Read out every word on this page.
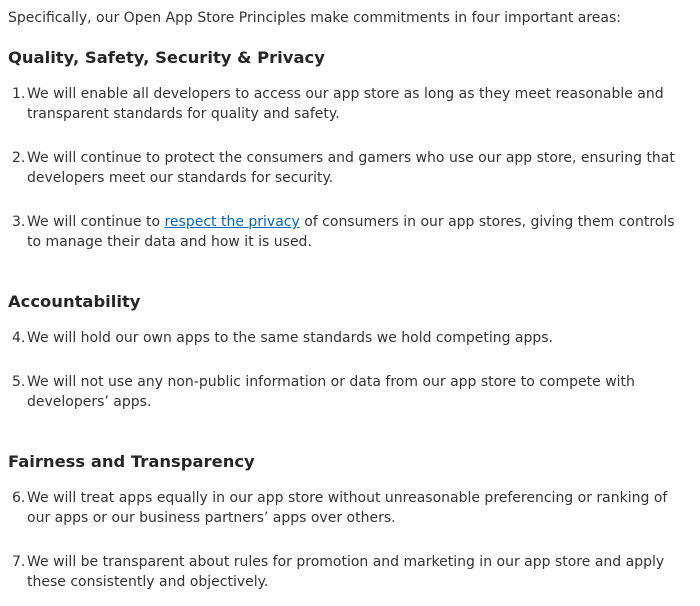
Specifically, our Open App Store Principles make commitments in four important areas:

Quality, Safety, Security & Privacy
1. We will enable all developers to access our app store as long as they meet reasonable and transparent standards for quality and safety.
2. We will continue to protect the consumers and gamers who use our app store, ensuring that developers meet our standards for security.
3. We will continue to respect the privacy of consumers in our app stores, giving them controls to manage their data and how it is used.
Accountability
4. We will hold our own apps to the same standards we hold competing apps.
5. We will not use any non-public information or data from our app store to compete with developers’ apps.
Fairness and Transparency
6. We will treat apps equally in our app store without unreasonable preferencing or ranking of our apps or our business partners’ apps over others.
7. We will be transparent about rules for promotion and marketing in our app store and apply these consistently and objectively.
